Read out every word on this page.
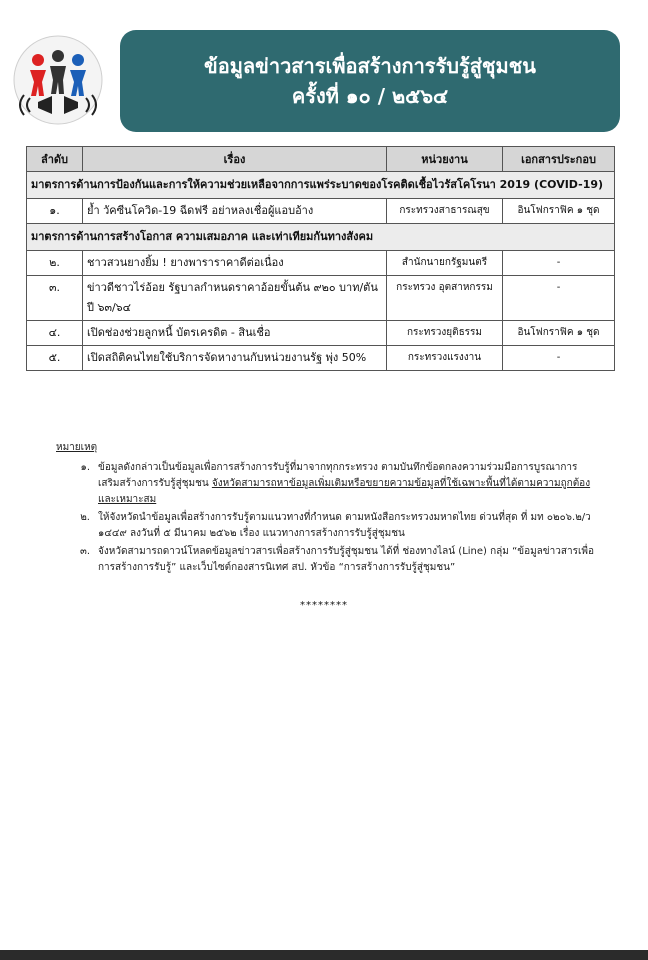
ข้อมูลข่าวสารเพื่อสร้างการรับรู้สู่ชุมชน
ครั้งที่ ๑๐ / ๒๕๖๔
ลำดับ	เรื่อง	หน่วยงาน	เอกสารประกอบ
มาตรการด้านการป้องกันและการให้ความช่วยเหลือจากการแพร่ระบาดของโรคติดเชื้อไวรัสโคโรนา 2019 (COVID-19)			
๑.	ย้ำ วัคซีนโควิด-19 ฉีดฟรี อย่าหลงเชื่อผู้แอบอ้าง	กระทรวงสาธารณสุข	อินโฟกราฟิค ๑ ชุด
มาตรการด้านการสร้างโอกาส ความเสมอภาค และเท่าเทียมกันทางสังคม			
๒.	ชาวสวนยางยิ้ม ! ยางพาราราคาดีต่อเนื่อง	สำนักนายกรัฐมนตรี	-
๓.	ข่าวดีชาวไร่อ้อย รัฐบาลกำหนดราคาอ้อยขั้นต้น ๙๒๐ บาท/ตัน ปี ๖๓/๖๔	กระทรวง อุตสาหกรรม	-
๔.	เปิดช่องช่วยลูกหนี้ บัตรเครดิต - สินเชื่อ	กระทรวงยุติธรรม	อินโฟกราฟิค ๑ ชุด
๕.	เปิดสถิติคนไทยใช้บริการจัดหางานกับหน่วยงานรัฐ พุ่ง 50%	กระทรวงแรงงาน	-
หมายเหตุ
๑. ข้อมูลดังกล่าวเป็นข้อมูลเพื่อการสร้างการรับรู้ที่มาจากทุกกระทรวง ตามบันทึกข้อตกลงความร่วมมือการบูรณาการเสริมสร้างการรับรู้สู่ชุมชน จังหวัดสามารถหาข้อมูลเพิ่มเติมหรือขยายความข้อมูลที่ใช้เฉพาะพื้นที่ได้ตามความถูกต้องและเหมาะสม
๒. ให้จังหวัดนำข้อมูลเพื่อสร้างการรับรู้ตามแนวทางที่กำหนด ตามหนังสือกระทรวงมหาดไทย ด่วนที่สุด ที่ มท ๐๒๐๖.๒/ว ๑๔๔๙ ลงวันที่ ๕ มีนาคม ๒๕๖๒ เรื่อง แนวทางการสร้างการรับรู้สู่ชุมชน
๓. จังหวัดสามารถดาวน์โหลดข้อมูลข่าวสารเพื่อสร้างการรับรู้สู่ชุมชน ได้ที่ ช่องทางไลน์ (Line) กลุ่ม “ข้อมูลข่าวสารเพื่อการสร้างการรับรู้” และเว็บไซต์กองสารนิเทศ สป. หัวข้อ “การสร้างการรับรู้สู่ชุมชน”
********
